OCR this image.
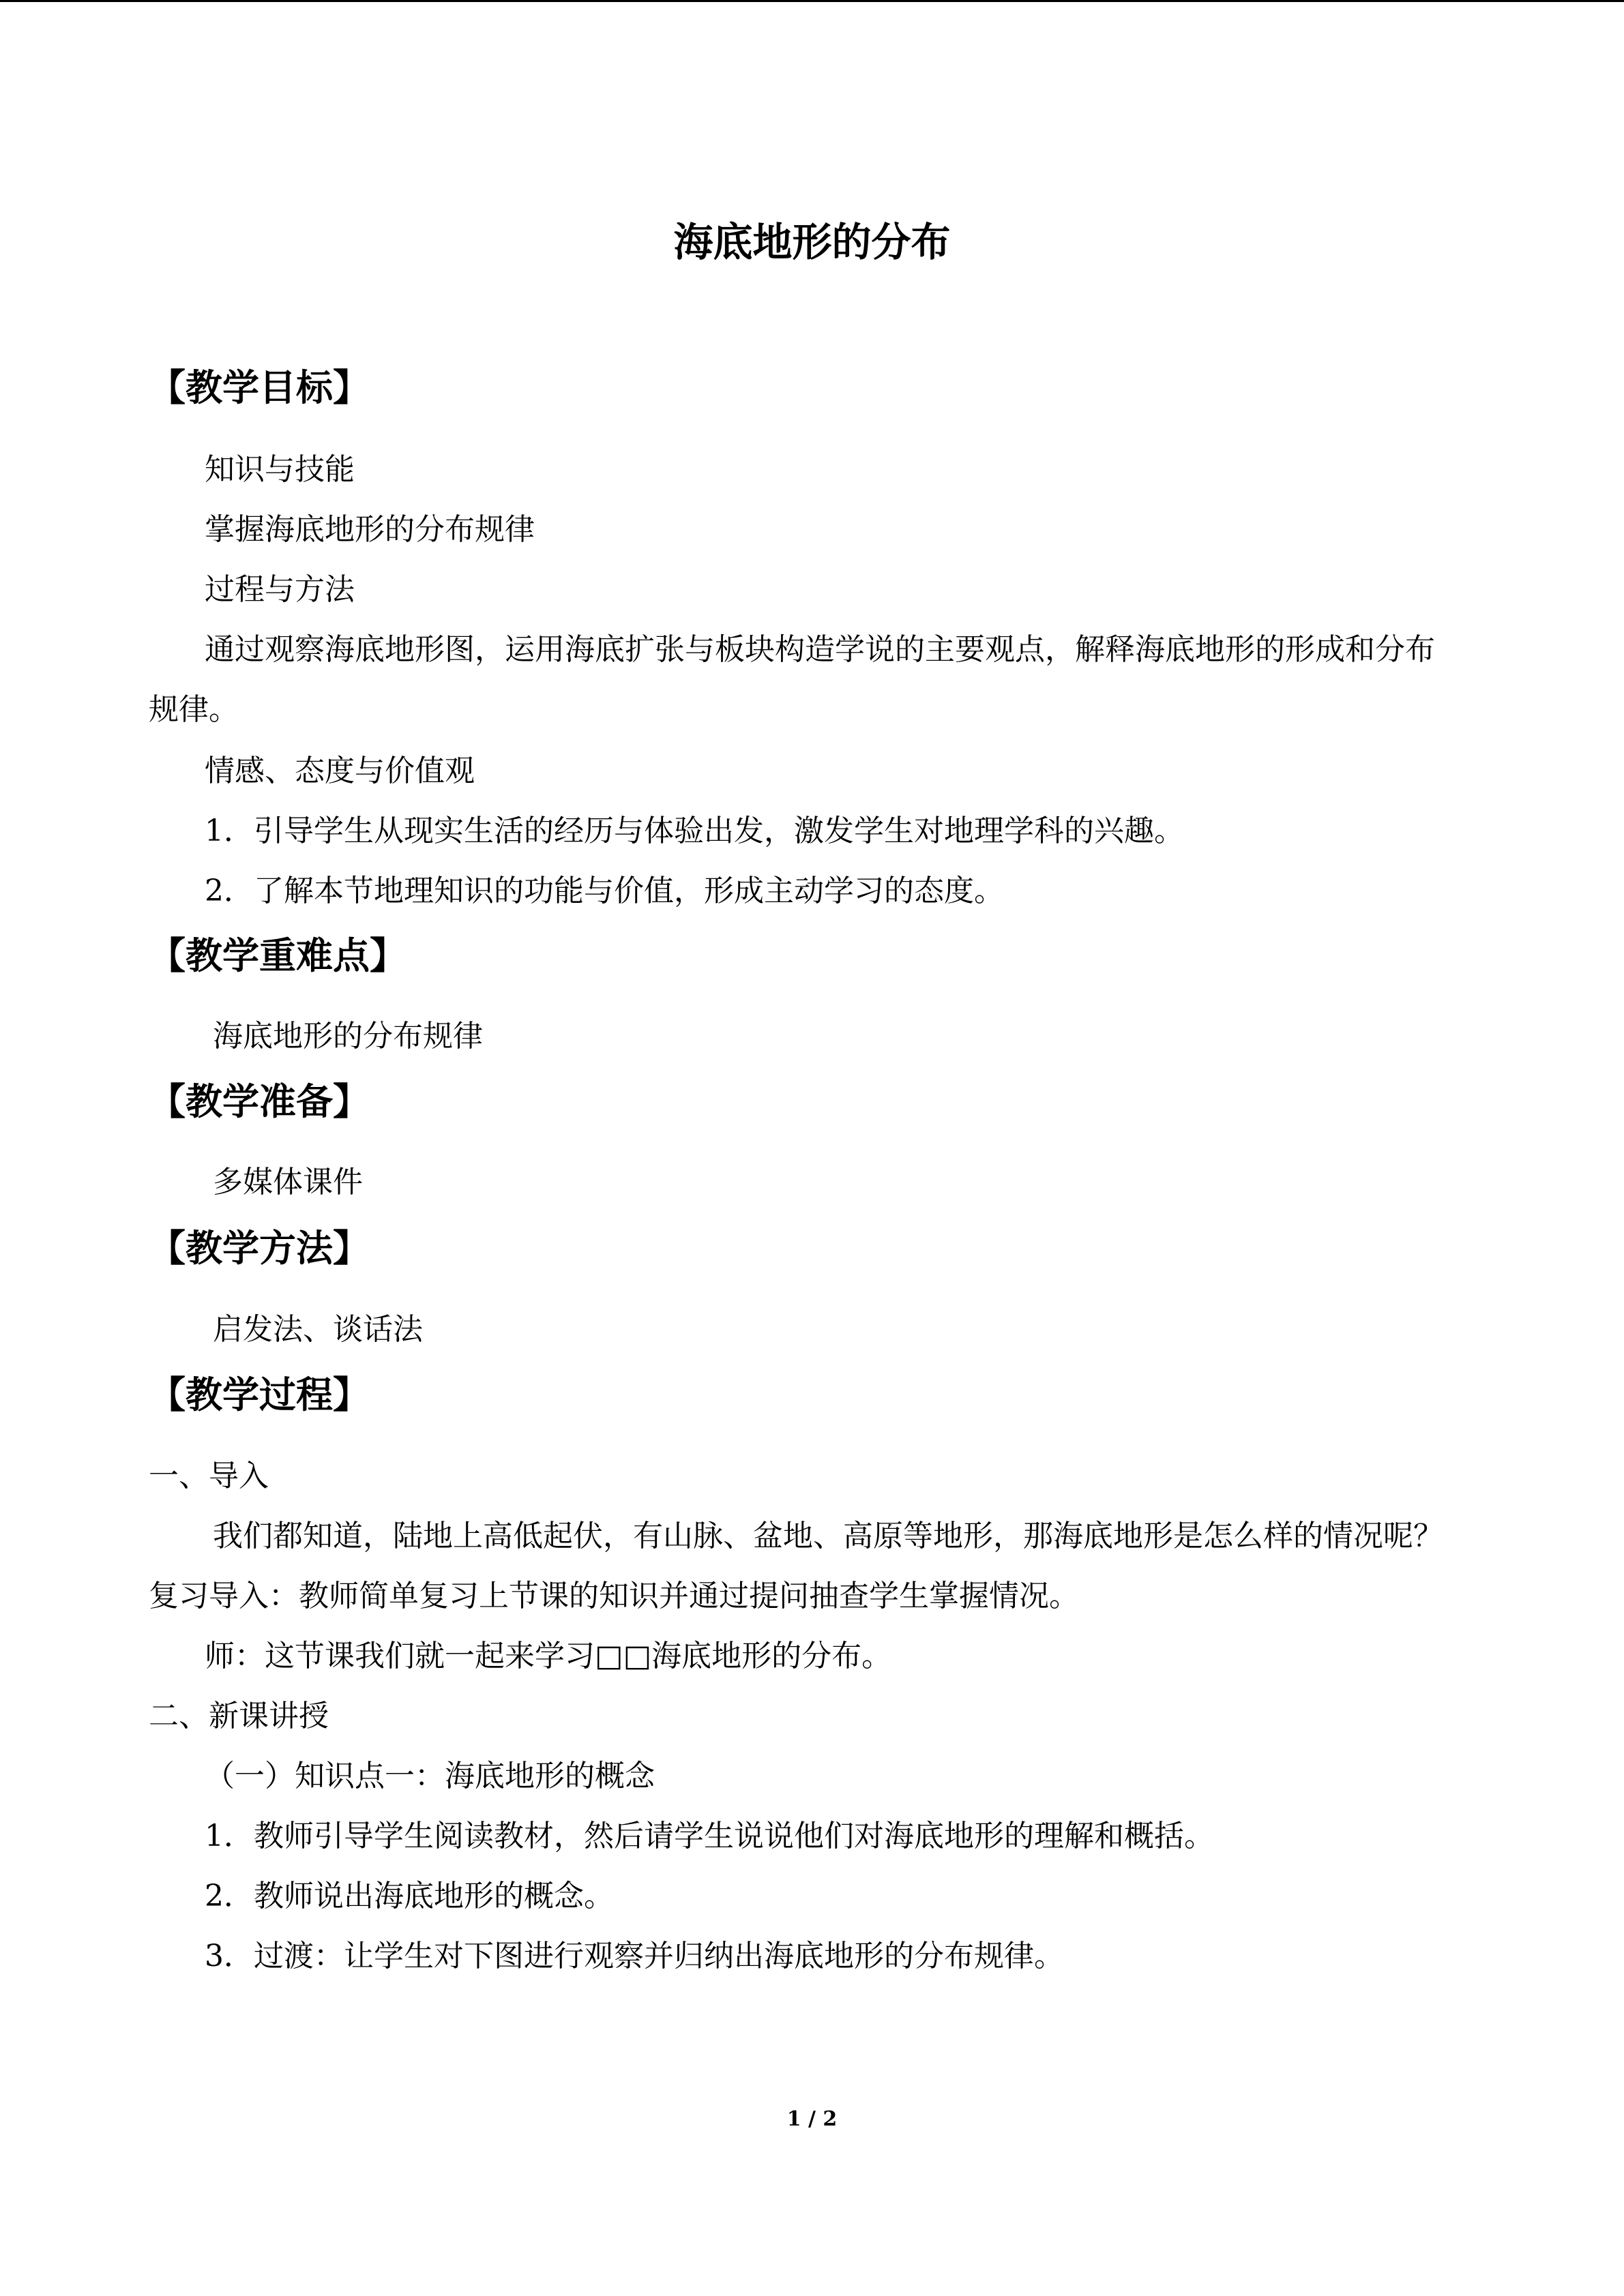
海底地形的分布
【教学目标】
知识与技能
掌握海底地形的分布规律
过程与方法
通过观察海底地形图，运用海底扩张与板块构造学说的主要观点，解释海底地形的形成和分布规律。
情感、态度与价值观
1．引导学生从现实生活的经历与体验出发，激发学生对地理学科的兴趣。
2．了解本节地理知识的功能与价值，形成主动学习的态度。
【教学重难点】
海底地形的分布规律
【教学准备】
多媒体课件
【教学方法】
启发法、谈话法
【教学过程】
一、导入
我们都知道，陆地上高低起伏，有山脉、盆地、高原等地形，那海底地形是怎么样的情况呢？复习导入：教师简单复习上节课的知识并通过提问抽查学生掌握情况。
师：这节课我们就一起来学习□□海底地形的分布。
二、新课讲授
（一）知识点一：海底地形的概念
1．教师引导学生阅读教材，然后请学生说说他们对海底地形的理解和概括。
2．教师说出海底地形的概念。
3．过渡：让学生对下图进行观察并归纳出海底地形的分布规律。
1 / 2
